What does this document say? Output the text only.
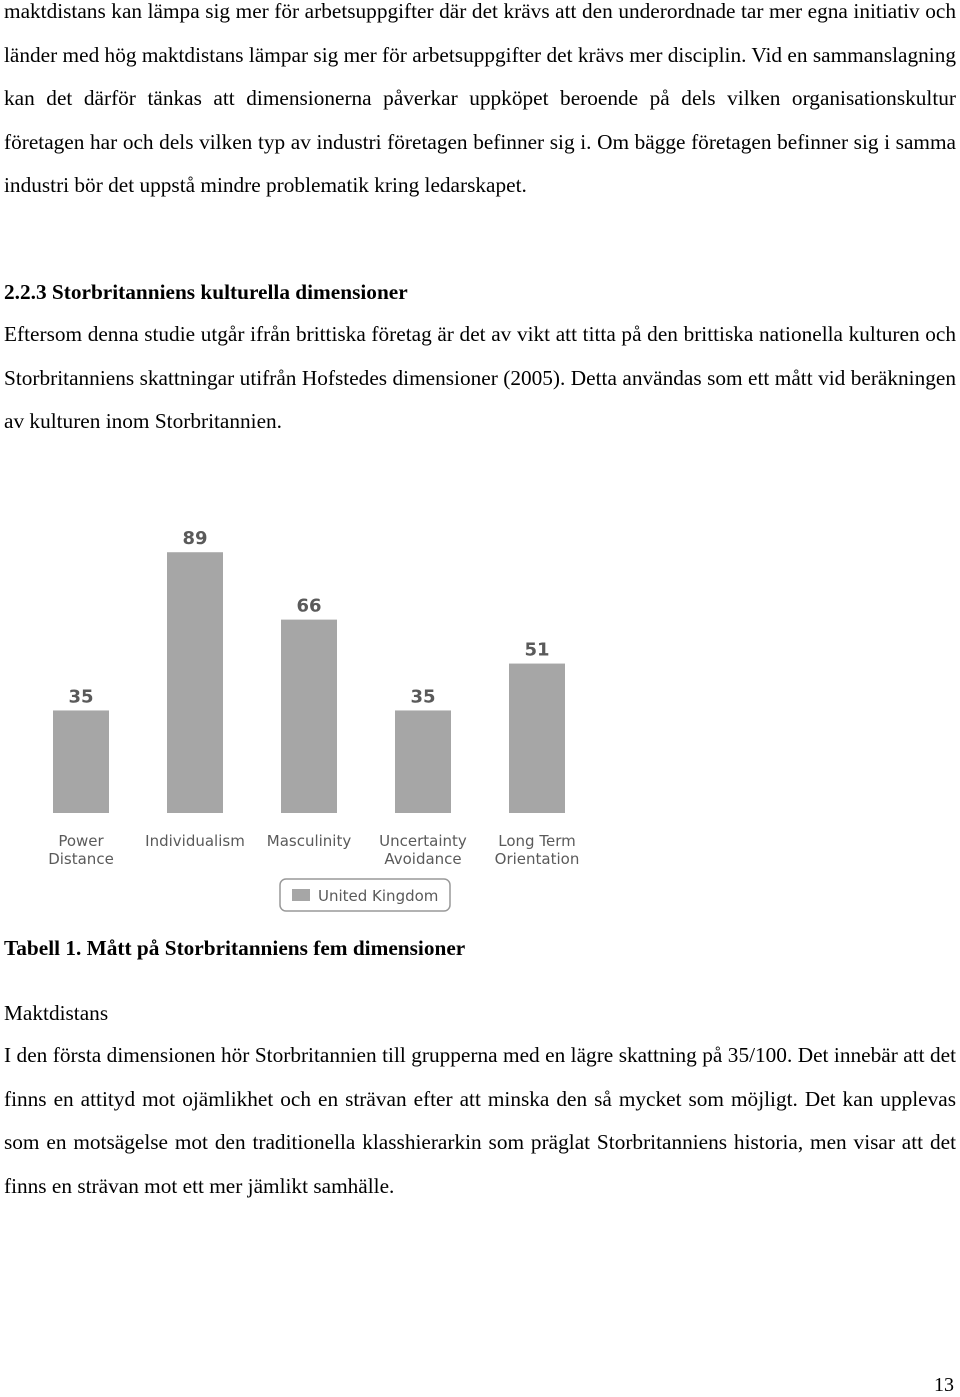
maktdistans kan lämpa sig mer för arbetsuppgifter där det krävs att den underordnade tar mer egna initiativ och länder med hög maktdistans lämpar sig mer för arbetsuppgifter det krävs mer disciplin. Vid en sammanslagning kan det därför tänkas att dimensionerna påverkar uppköpet beroende på dels vilken organisationskultur företagen har och dels vilken typ av industri företagen befinner sig i. Om bägge företagen befinner sig i samma industri bör det uppstå mindre problematik kring ledarskapet.

2.2.3 Storbritanniens kulturella dimensioner

Eftersom denna studie utgår ifrån brittiska företag är det av vikt att titta på den brittiska nationella kulturen och Storbritanniens skattningar utifrån Hofstedes dimensioner (2005). Detta användas som ett mått vid beräkningen av kulturen inom Storbritannien.

35
Power
Distance
89
Individualism
66
Masculinity
35
Uncertainty
Avoidance
51
Long Term
Orientation
United Kingdom
Tabell 1. Mått på Storbritanniens fem dimensioner
Maktdistans

I den första dimensionen hör Storbritannien till grupperna med en lägre skattning på 35/100. Det innebär att det finns en attityd mot ojämlikhet och en strävan efter att minska den så mycket som möjligt. Det kan upplevas som en motsägelse mot den traditionella klasshierarkin som präglat Storbritanniens historia, men visar att det finns en strävan mot ett mer jämlikt samhälle.

13
